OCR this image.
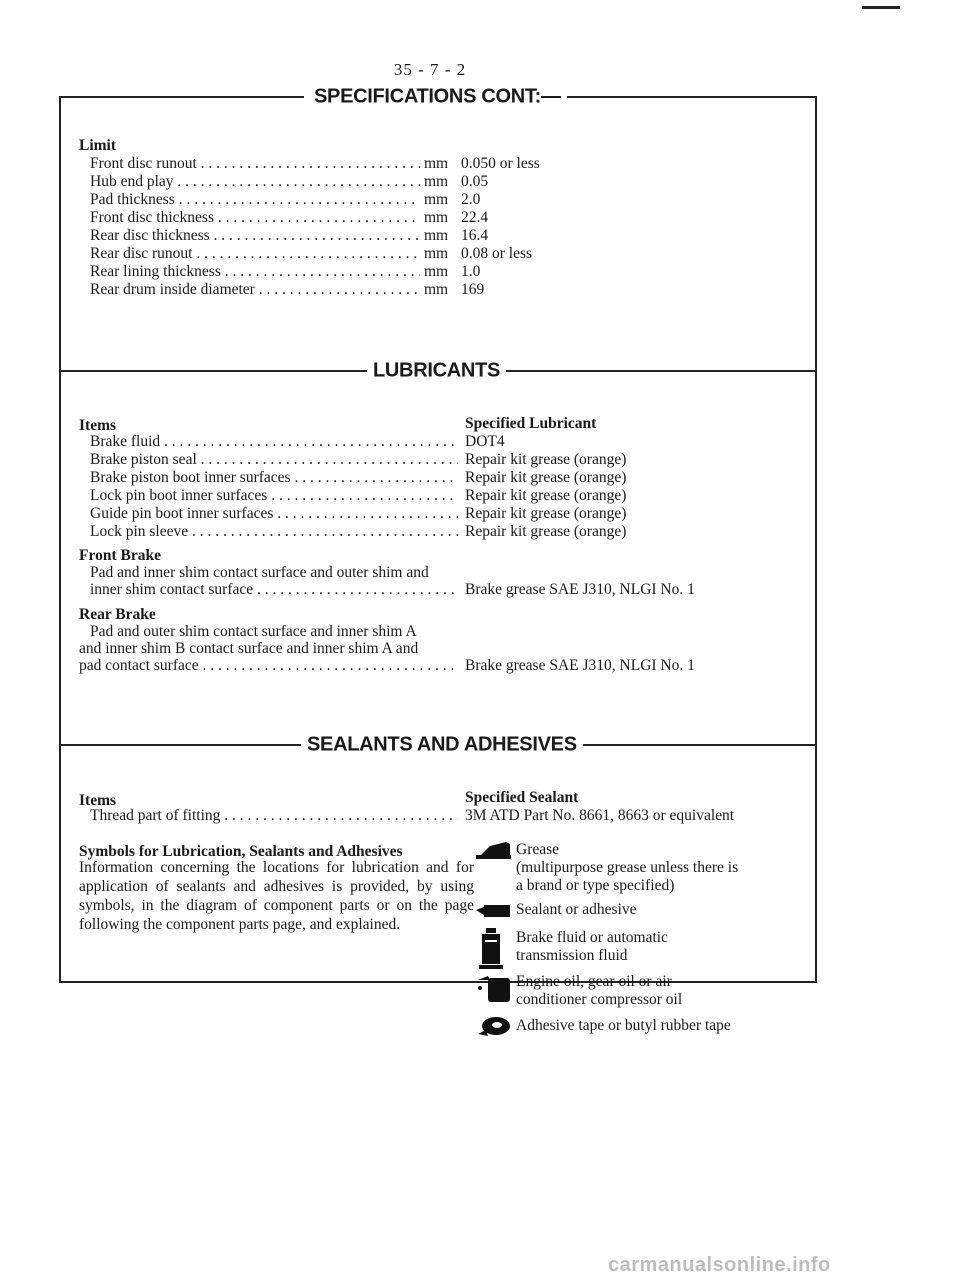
35 - 7 - 2
SPECIFICATIONS CONT:—
Limit
Front disc runout . . .	mm 0.050 or less
Hub end play . . .	mm 0.05
Pad thickness . . .	mm 2.0
Front disc thickness . . .	mm 22.4
Rear disc thickness . . .	mm 16.4
Rear disc runout . . .	mm 0.08 or less
Rear lining thickness . . .	mm 1.0
Rear drum inside diameter . . .	mm 169
LUBRICANTS
Items	Specified Lubricant
Brake fluid . . .	DOT4
Brake piston seal . . .	Repair kit grease (orange)
Brake piston boot inner surfaces . . .	Repair kit grease (orange)
Lock pin boot inner surfaces . . .	Repair kit grease (orange)
Guide pin boot inner surfaces . . .	Repair kit grease (orange)
Lock pin sleeve . . .	Repair kit grease (orange)
Front Brake
Pad and inner shim contact surface and outer shim and
inner shim contact surface . . .	Brake grease SAE J310, NLGI No. 1
Rear Brake
Pad and outer shim contact surface and inner shim A
and inner shim B contact surface and inner shim A and
pad contact surface . . .	Brake grease SAE J310, NLGI No. 1
SEALANTS AND ADHESIVES
Items	Specified Sealant
Thread part of fitting . . .	3M ATD Part No. 8661, 8663 or equivalent
Symbols for Lubrication, Sealants and Adhesives
Information concerning the locations for lubrication and for application of sealants and adhesives is provided, by using symbols, in the diagram of component parts or on the page following the component parts page, and explained.
Grease
(multipurpose grease unless there is
a brand or type specified)
Sealant or adhesive
Brake fluid or automatic
transmission fluid
Engine oil, gear oil or air
conditioner compressor oil
Adhesive tape or butyl rubber tape
carmanualsonline.info
